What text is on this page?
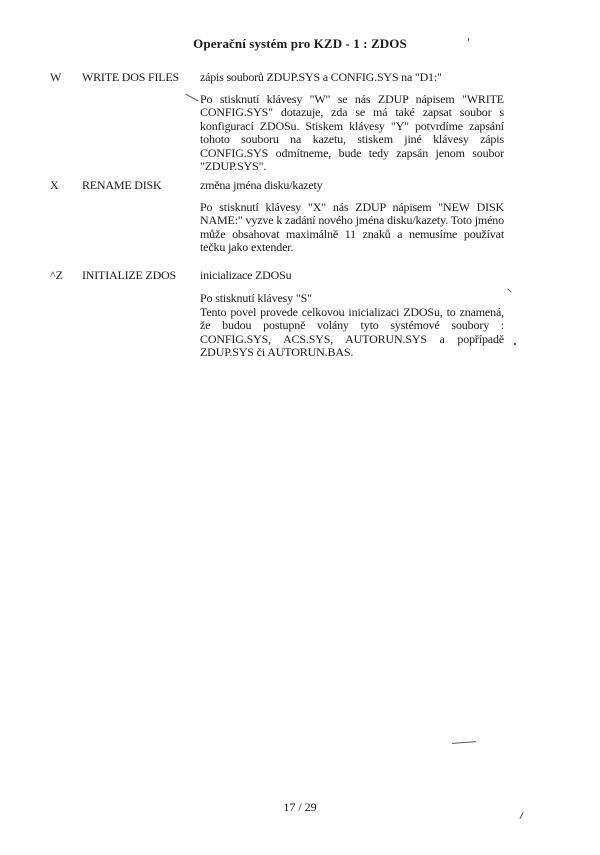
Operační systém pro KZD - 1 : ZDOS
W WRITE DOS FILES zápis souborů ZDUP.SYS a CONFIG.SYS na "D1:"
Po stisknutí klávesy "W" se nás ZDUP nápisem "WRITE CONFIG.SYS" dotazuje, zda se má také zapsat soubor s konfigurací ZDOSu. Stiskem klávesy "Y" potvrdíme zapsání tohoto souboru na kazetu, stiskem jiné klávesy zápis CONFIG.SYS odmítneme, bude tedy zapsán jenom soubor "ZDUP.SYS".
X RENAME DISK	změna jména disku/kazety
Po stisknutí klávesy "X" nás ZDUP nápisem "NEW DISK NAME:" vyzve k zadání nového jména disku/kazety. Toto jméno může obsahovat maximálně 11 znaků a nemusíme používat tečku jako extender.
^Z INITIALIZE ZDOS inicializace ZDOSu
Po stisknutí klávesy "S"
Tento povel provede celkovou inicializaci ZDOSu, to znamená, že budou postupně volány tyto systémové soubory : CONFIG.SYS, ACS.SYS, AUTORUN.SYS a popřípadě ZDUP.SYS či AUTORUN.BAS.
17 / 29
